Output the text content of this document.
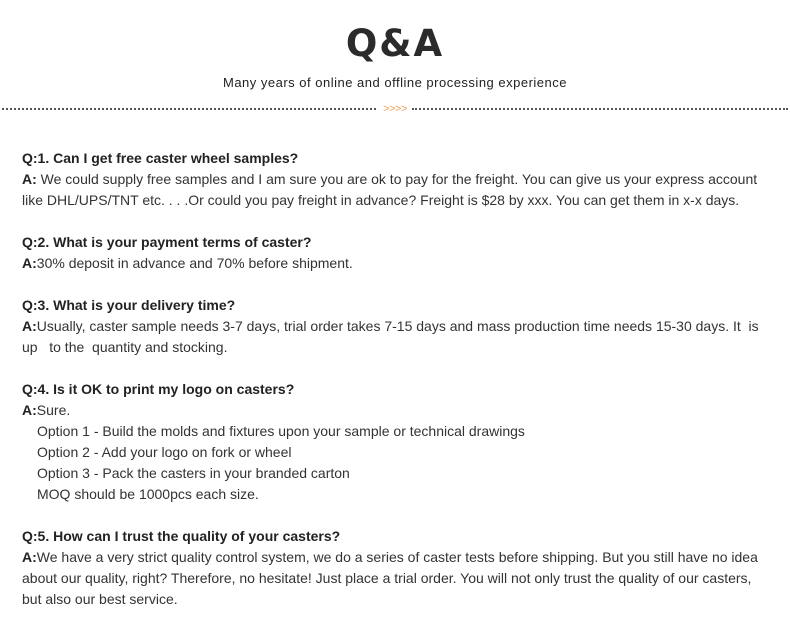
Q&A
Many years of online and offline processing experience
>>>>
Q:1. Can I get free caster wheel samples?
A: We could supply free samples and I am sure you are ok to pay for the freight. You can give us your express account like DHL/UPS/TNT etc. . . .Or could you pay freight in advance? Freight is $28 by xxx. You can get them in x-x days.
Q:2. What is your payment terms of caster?
A:30% deposit in advance and 70% before shipment.
Q:3. What is your delivery time?
A:Usually, caster sample needs 3-7 days, trial order takes 7-15 days and mass production time needs 15-30 days. It  is up   to the  quantity and stocking.
Q:4. Is it OK to print my logo on casters?
A:Sure.
Option 1 - Build the molds and fixtures upon your sample or technical drawings
Option 2 - Add your logo on fork or wheel
Option 3 - Pack the casters in your branded carton
MOQ should be 1000pcs each size.
Q:5. How can I trust the quality of your casters?
A:We have a very strict quality control system, we do a series of caster tests before shipping. But you still have no idea about our quality, right? Therefore, no hesitate! Just place a trial order. You will not only trust the quality of our casters, but also our best service.
